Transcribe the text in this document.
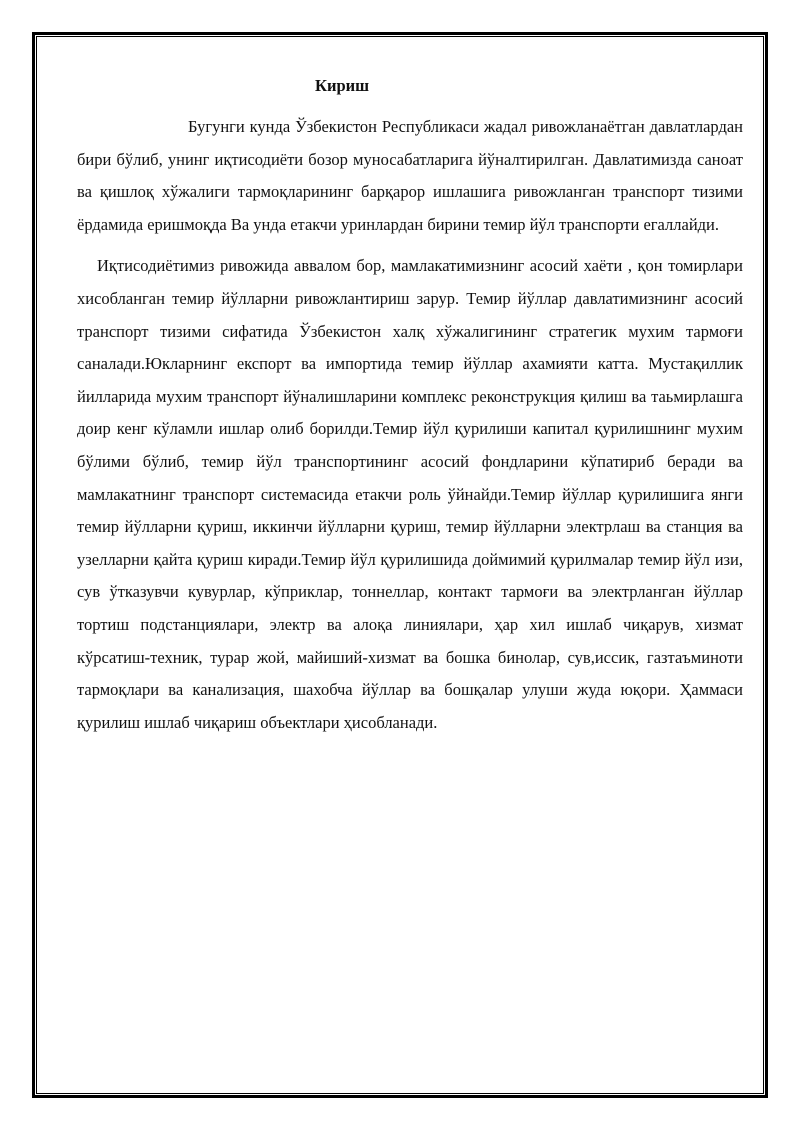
Кириш

Бугунги кунда Ўзбекистон Республикаси жадал ривожланаётган давлатлардан бири бўлиб, унинг иқтисодиёти бозор муносабатларига йўналтирилган. Давлатимизда саноат ва қишлоқ хўжалиги тармоқларининг барқарор ишлашига ривожланган транспорт тизими ёрдамида еришмоқда Ва унда етакчи уринлардан бирини темир йўл транспорти егаллайди.

Иқтисодиётимиз ривожида аввалом бор, мамлакатимизнинг асосий хаёти , қон томирлари хисобланган темир йўлларни ривожлантириш зарур. Темир йўллар давлатимизнинг асосий транспорт тизими сифатида Ўзбекистон халқ хўжалигининг стратегик мухим тармоғи саналади.Юкларнинг експорт ва импортида темир йўллар ахамияти катта. Мустақиллик йилларида мухим транспорт йўналишларини комплекс реконструкция қилиш ва таьмирлашга доир кенг кўламли ишлар олиб борилди.Темир йўл қурилиши капитал қурилишнинг мухим бўлими бўлиб, темир йўл транспортининг асосий фондларини кўпатириб беради ва мамлакатнинг транспорт системасида етакчи роль ўйнайди.Темир йўллар қурилишига янги темир йўлларни қуриш, иккинчи йўлларни қуриш, темир йўлларни электрлаш ва станция ва узелларни қайта қуриш киради.Темир йўл қурилишида доймимий қурилмалар темир йўл изи, сув ўтказувчи кувурлар, кўприклар, тоннеллар, контакт тармоғи ва электрланган йўллар тортиш подстанциялари, электр ва алоқа линиялари, ҳар хил ишлаб чиқарув, хизмат кўрсатиш-техник, турар жой, майиший-хизмат ва бошка бинолар, сув,иссик, газтаъминоти тармоқлари ва канализация, шахобча йўллар ва бошқалар улуши жуда юқори. Ҳаммаси қурилиш ишлаб чиқариш объектлари ҳисобланади.
